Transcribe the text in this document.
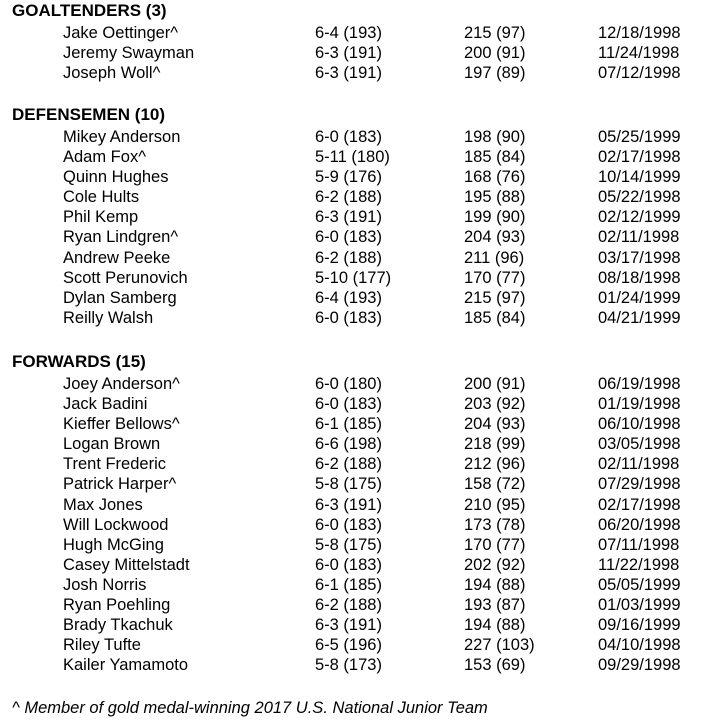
GOALTENDERS (3)
Jake Oettinger^	6-4 (193)	215 (97)	12/18/1998
Jeremy Swayman	6-3 (191)	200 (91)	11/24/1998
Joseph Woll^	6-3 (191)	197 (89)	07/12/1998
DEFENSEMEN (10)
Mikey Anderson	6-0 (183)	198 (90)	05/25/1999
Adam Fox^	5-11 (180)	185 (84)	02/17/1998
Quinn Hughes	5-9 (176)	168 (76)	10/14/1999
Cole Hults	6-2 (188)	195 (88)	05/22/1998
Phil Kemp	6-3 (191)	199 (90)	02/12/1999
Ryan Lindgren^	6-0 (183)	204 (93)	02/11/1998
Andrew Peeke	6-2 (188)	211 (96)	03/17/1998
Scott Perunovich	5-10 (177)	170 (77)	08/18/1998
Dylan Samberg	6-4 (193)	215 (97)	01/24/1999
Reilly Walsh	6-0 (183)	185 (84)	04/21/1999
FORWARDS (15)
Joey Anderson^	6-0 (180)	200 (91)	06/19/1998
Jack Badini	6-0 (183)	203 (92)	01/19/1998
Kieffer Bellows^	6-1 (185)	204 (93)	06/10/1998
Logan Brown	6-6 (198)	218 (99)	03/05/1998
Trent Frederic	6-2 (188)	212 (96)	02/11/1998
Patrick Harper^	5-8 (175)	158 (72)	07/29/1998
Max Jones	6-3 (191)	210 (95)	02/17/1998
Will Lockwood	6-0 (183)	173 (78)	06/20/1998
Hugh McGing	5-8 (175)	170 (77)	07/11/1998
Casey Mittelstadt	6-0 (183)	202 (92)	11/22/1998
Josh Norris	6-1 (185)	194 (88)	05/05/1999
Ryan Poehling	6-2 (188)	193 (87)	01/03/1999
Brady Tkachuk	6-3 (191)	194 (88)	09/16/1999
Riley Tufte	6-5 (196)	227 (103)	04/10/1998
Kailer Yamamoto	5-8 (173)	153 (69)	09/29/1998
^ Member of gold medal-winning 2017 U.S. National Junior Team
